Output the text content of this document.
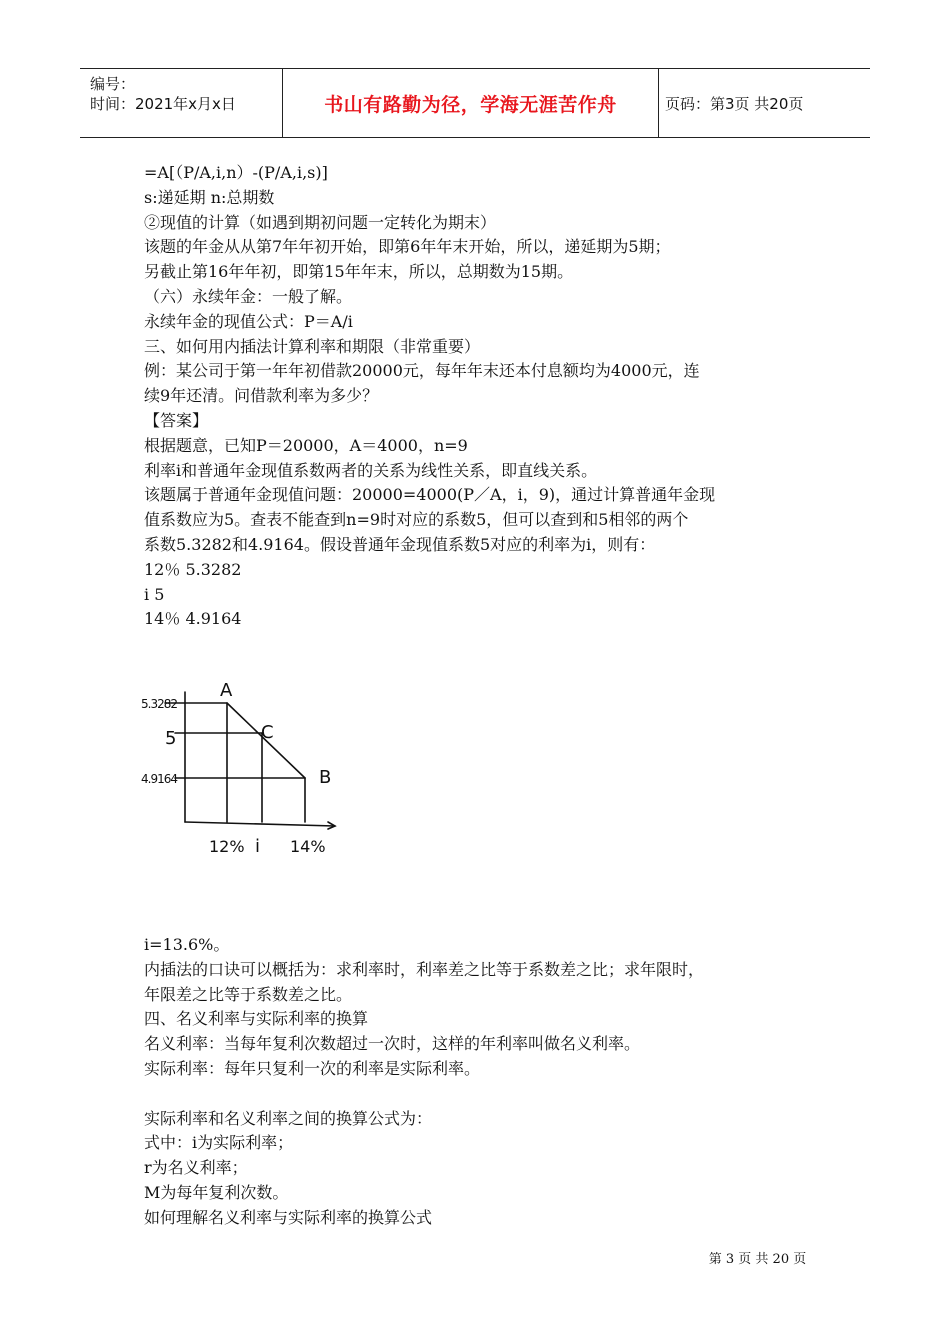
编号：
时间：2021年x月x日	书山有路勤为径，学海无涯苦作舟	页码：第3页 共20页
=A[（P/A,i,n）-(P/A,i,s)]
s:递延期 n:总期数
②现值的计算（如遇到期初问题一定转化为期末）
该题的年金从从第7年年初开始，即第6年年末开始，所以，递延期为5期；
另截止第16年年初，即第15年年末，所以，总期数为15期。
（六）永续年金：一般了解。
永续年金的现值公式：P＝A/i
三、如何用内插法计算利率和期限（非常重要）
例：某公司于第一年年初借款20000元，每年年末还本付息额均为4000元，连
续9年还清。问借款利率为多少？
【答案】
根据题意，已知P＝20000，A＝4000，n=9
利率i和普通年金现值系数两者的关系为线性关系，即直线关系。
该题属于普通年金现值问题：20000=4000(P／A，i，9)，通过计算普通年金现
值系数应为5。查表不能查到n=9时对应的系数5，但可以查到和5相邻的两个
系数5.3282和4.9164。假设普通年金现值系数5对应的利率为i，则有：
12％ 5.3282
i 5
14％ 4.9164
5.3282
5
4.9164
A
C
B
12% i 14%
i=13.6%。
内插法的口诀可以概括为：求利率时，利率差之比等于系数差之比；求年限时，
年限差之比等于系数差之比。
四、名义利率与实际利率的换算
名义利率：当每年复利次数超过一次时，这样的年利率叫做名义利率。
实际利率：每年只复利一次的利率是实际利率。
实际利率和名义利率之间的换算公式为：
式中：i为实际利率；
r为名义利率；
M为每年复利次数。
如何理解名义利率与实际利率的换算公式
第 3 页 共 20 页
